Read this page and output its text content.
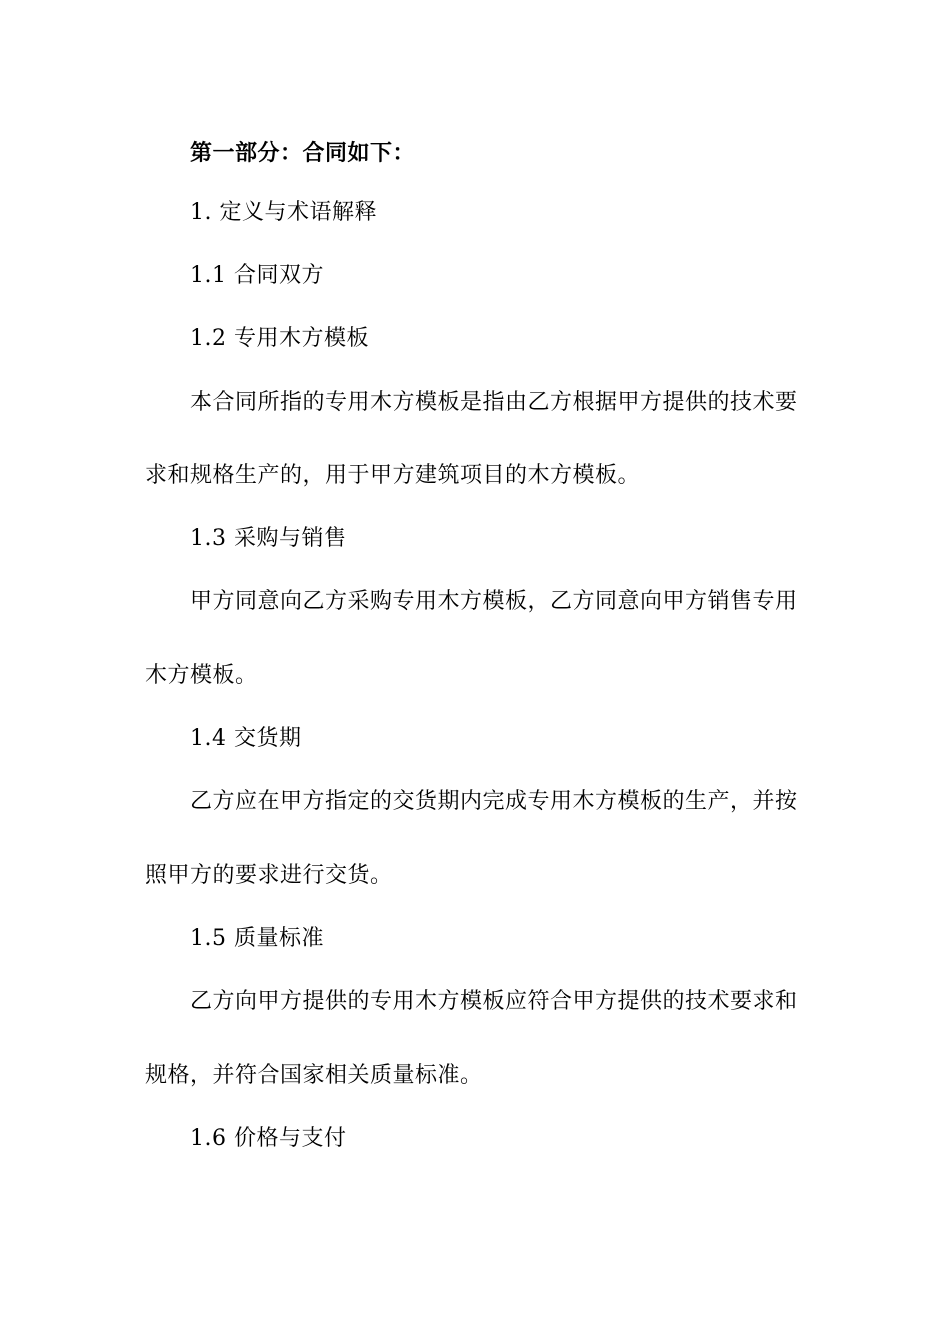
第一部分：合同如下：
1. 定义与术语解释
1.1 合同双方
1.2 专用木方模板
本合同所指的专用木方模板是指由乙方根据甲方提供的技术要
求和规格生产的，用于甲方建筑项目的木方模板。
1.3 采购与销售
甲方同意向乙方采购专用木方模板，乙方同意向甲方销售专用
木方模板。
1.4 交货期
乙方应在甲方指定的交货期内完成专用木方模板的生产，并按
照甲方的要求进行交货。
1.5 质量标准
乙方向甲方提供的专用木方模板应符合甲方提供的技术要求和
规格，并符合国家相关质量标准。
1.6 价格与支付
